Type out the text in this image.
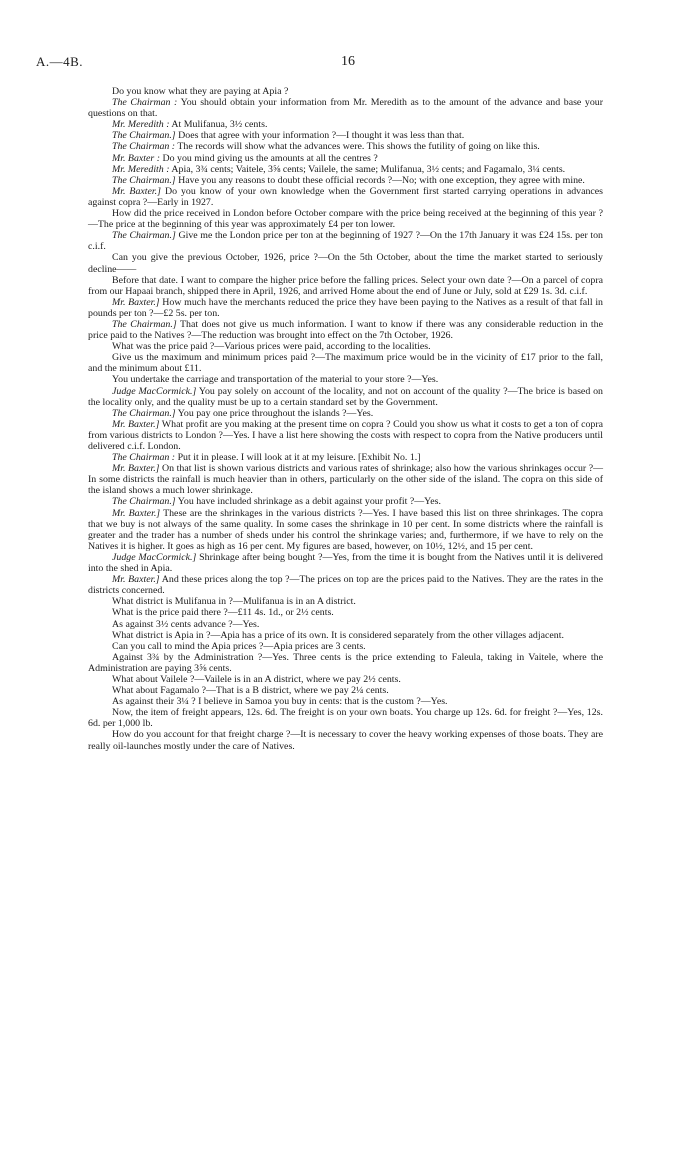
A.—4B.	16

Do you know what they are paying at Apia ?

The Chairman : You should obtain your information from Mr. Meredith as to the amount of the advance and base your questions on that.

Mr. Meredith : At Mulifanua, 3½ cents.

The Chairman.] Does that agree with your information ?—I thought it was less than that.

The Chairman : The records will show what the advances were. This shows the futility of going on like this.

Mr. Baxter : Do you mind giving us the amounts at all the centres ?

Mr. Meredith : Apia, 3¾ cents; Vaitele, 3⅝ cents; Vailele, the same; Mulifanua, 3½ cents; and Fagamalo, 3¼ cents.

The Chairman.] Have you any reasons to doubt these official records ?—No; with one exception, they agree with mine.

Mr. Baxter.] Do you know of your own knowledge when the Government first started carrying operations in advances against copra ?—Early in 1927.

How did the price received in London before October compare with the price being received at the beginning of this year ?—The price at the beginning of this year was approximately £4 per ton lower.

The Chairman.] Give me the London price per ton at the beginning of 1927 ?—On the 17th January it was £24 15s. per ton c.i.f.

Can you give the previous October, 1926, price ?—On the 5th October, about the time the market started to seriously decline——

Before that date. I want to compare the higher price before the falling prices. Select your own date ?—On a parcel of copra from our Hapaai branch, shipped there in April, 1926, and arrived Home about the end of June or July, sold at £29 1s. 3d. c.i.f.

Mr. Baxter.] How much have the merchants reduced the price they have been paying to the Natives as a result of that fall in pounds per ton ?—£2 5s. per ton.

The Chairman.] That does not give us much information. I want to know if there was any considerable reduction in the price paid to the Natives ?—The reduction was brought into effect on the 7th October, 1926.

What was the price paid ?—Various prices were paid, according to the localities.

Give us the maximum and minimum prices paid ?—The maximum price would be in the vicinity of £17 prior to the fall, and the minimum about £11.

You undertake the carriage and transportation of the material to your store ?—Yes.

Judge MacCormick.] You pay solely on account of the locality, and not on account of the quality ?—The brice is based on the locality only, and the quality must be up to a certain standard set by the Government.

The Chairman.] You pay one price throughout the islands ?—Yes.

Mr. Baxter.] What profit are you making at the present time on copra ? Could you show us what it costs to get a ton of copra from various districts to London ?—Yes. I have a list here showing the costs with respect to copra from the Native producers until delivered c.i.f. London.

The Chairman : Put it in please. I will look at it at my leisure. [Exhibit No. 1.]

Mr. Baxter.] On that list is shown various districts and various rates of shrinkage; also how the various shrinkages occur ?—In some districts the rainfall is much heavier than in others, particularly on the other side of the island. The copra on this side of the island shows a much lower shrinkage.

The Chairman.] You have included shrinkage as a debit against your profit ?—Yes.

Mr. Baxter.] These are the shrinkages in the various districts ?—Yes. I have based this list on three shrinkages. The copra that we buy is not always of the same quality. In some cases the shrinkage in 10 per cent. In some districts where the rainfall is greater and the trader has a number of sheds under his control the shrinkage varies; and, furthermore, if we have to rely on the Natives it is higher. It goes as high as 16 per cent. My figures are based, however, on 10½, 12½, and 15 per cent.

Judge MacCormick.] Shrinkage after being bought ?—Yes, from the time it is bought from the Natives until it is delivered into the shed in Apia.

Mr. Baxter.] And these prices along the top ?—The prices on top are the prices paid to the Natives. They are the rates in the districts concerned.

What district is Mulifanua in ?—Mulifanua is in an A district.

What is the price paid there ?—£11 4s. 1d., or 2½ cents.

As against 3½ cents advance ?—Yes.

What district is Apia in ?—Apia has a price of its own. It is considered separately from the other villages adjacent.

Can you call to mind the Apia prices ?—Apia prices are 3 cents.

Against 3¾ by the Administration ?—Yes. Three cents is the price extending to Faleula, taking in Vaitele, where the Administration are paying 3⅝ cents.

What about Vailele ?—Vailele is in an A district, where we pay 2½ cents.

What about Fagamalo ?—That is a B district, where we pay 2¼ cents.

As against their 3¼ ? I believe in Samoa you buy in cents: that is the custom ?—Yes.

Now, the item of freight appears, 12s. 6d. The freight is on your own boats. You charge up 12s. 6d. for freight ?—Yes, 12s. 6d. per 1,000 lb.

How do you account for that freight charge ?—It is necessary to cover the heavy working expenses of those boats. They are really oil-launches mostly under the care of Natives.
